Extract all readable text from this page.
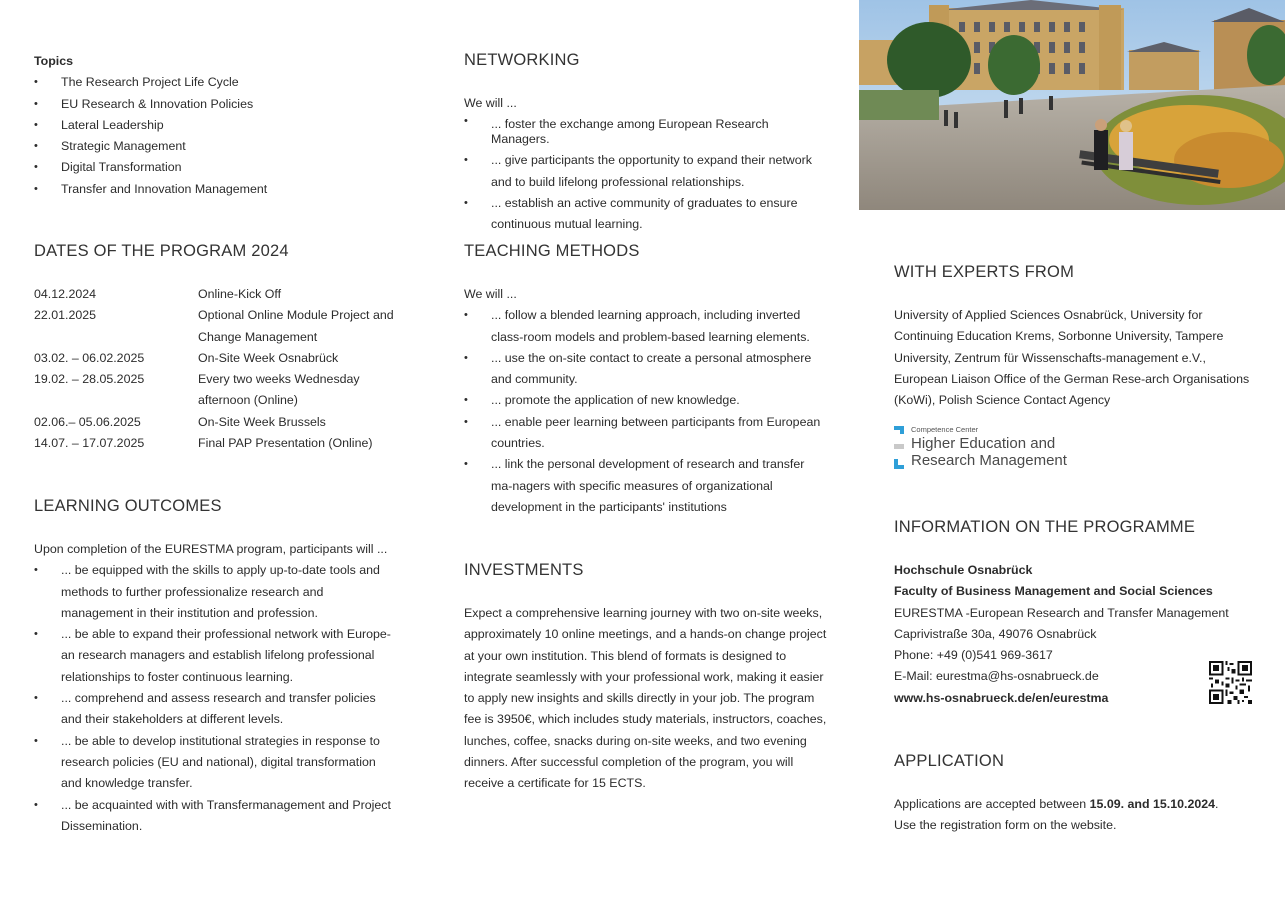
Topics
• The Research Project Life Cycle
• EU Research & Innovation Policies
• Lateral Leadership
• Strategic Management
• Digital Transformation
• Transfer and Innovation Management
DATES OF THE PROGRAM 2024
04.12.2024	Online-Kick Off
22.01.2025	Optional Online Module Project and Change Management
03.02. – 06.02.2025	On-Site Week Osnabrück
19.02. – 28.05.2025	Every two weeks Wednesday afternoon (Online)
02.06.– 05.06.2025	On-Site Week Brussels
14.07. – 17.07.2025	Final PAP Presentation (Online)
LEARNING OUTCOMES
Upon completion of the EURESTMA program, participants will ...
• ... be equipped with the skills to apply up-to-date tools and methods to further professionalize research and management in their institution and profession.
• ... be able to expand their professional network with Europe-an research managers and establish lifelong professional relationships to foster continuous learning.
• ... comprehend and assess research and transfer policies and their stakeholders at different levels.
• ... be able to develop institutional strategies in response to research policies (EU and national), digital transformation and knowledge transfer.
• ... be acquainted with with Transfermanagement and Project Dissemination.
NETWORKING
We will ...
• ... foster the exchange among European Research Managers.
• ... give participants the opportunity to expand their network and to build lifelong professional relationships.
• ... establish an active community of graduates to ensure continuous mutual learning.
TEACHING METHODS
We will ...
• ... follow a blended learning approach, including inverted class-room models and problem-based learning elements.
• ... use the on-site contact to create a personal atmosphere and community.
• ... promote the application of new knowledge.
• ... enable peer learning between participants from European countries.
• ... link the personal development of research and transfer ma-nagers with specific measures of organizational development in the participants' institutions
INVESTMENTS
Expect a comprehensive learning journey with two on-site weeks, approximately 10 online meetings, and a hands-on change project at your own institution. This blend of formats is designed to integrate seamlessly with your professional work, making it easier to apply new insights and skills directly in your job. The program fee is 3950€, which includes study materials, instructors, coaches, lunches, coffee, snacks during on-site weeks, and two evening dinners. After successful completion of the program, you will receive a certificate for 15 ECTS.
WITH EXPERTS FROM
University of Applied Sciences Osnabrück, University for Continuing Education Krems, Sorbonne University, Tampere University, Zentrum für Wissenschafts-management e.V., European Liaison Office of the German Rese-arch Organisations (KoWi), Polish Science Contact Agency
Competence Center
Higher Education and
Research Management
INFORMATION ON THE PROGRAMME
Hochschule Osnabrück
Faculty of Business Management and Social Sciences
EURESTMA -European Research and Transfer Management
Caprivistraße 30a, 49076 Osnabrück
Phone: +49 (0)541 969-3617
E-Mail: eurestma@hs-osnabrueck.de
www.hs-osnabrueck.de/en/eurestma
APPLICATION
Applications are accepted between 15.09. and 15.10.2024.
Use the registration form on the website.
